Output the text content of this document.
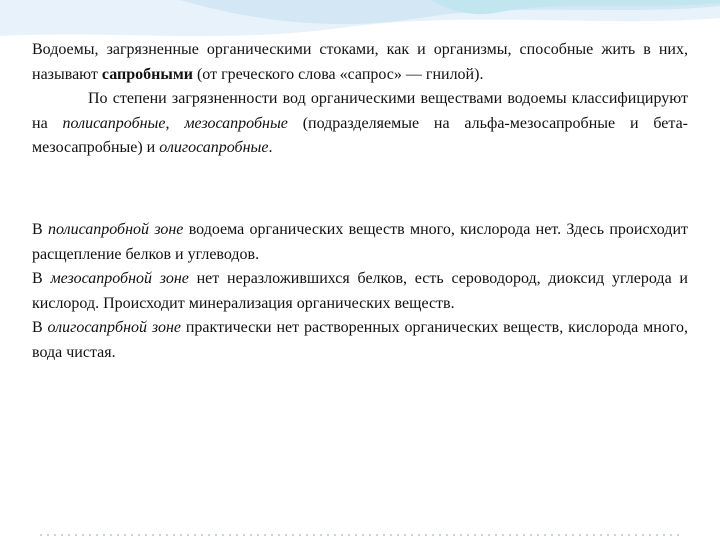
Водоемы, загрязненные органическими стоками, как и организмы, способные жить в них, называют сапробными (от греческого слова «сапрос» — гнилой).

По степени загрязненности вод органическими веществами водоемы классифицируют на полисапробные, мезосапробные (подразделяемые на альфа-мезосапробные и бета-мезосапробные) и олигосапробные.

В полисапробной зоне водоема органических веществ много, кислорода нет. Здесь происходит расщепление белков и углеводов.

В мезосапробной зоне нет неразложившихся белков, есть сероводород, диоксид углерода и кислород. Происходит минерализация органических веществ.

В олигосапрбной зоне практически нет растворенных органических веществ, кислорода много, вода чистая.
